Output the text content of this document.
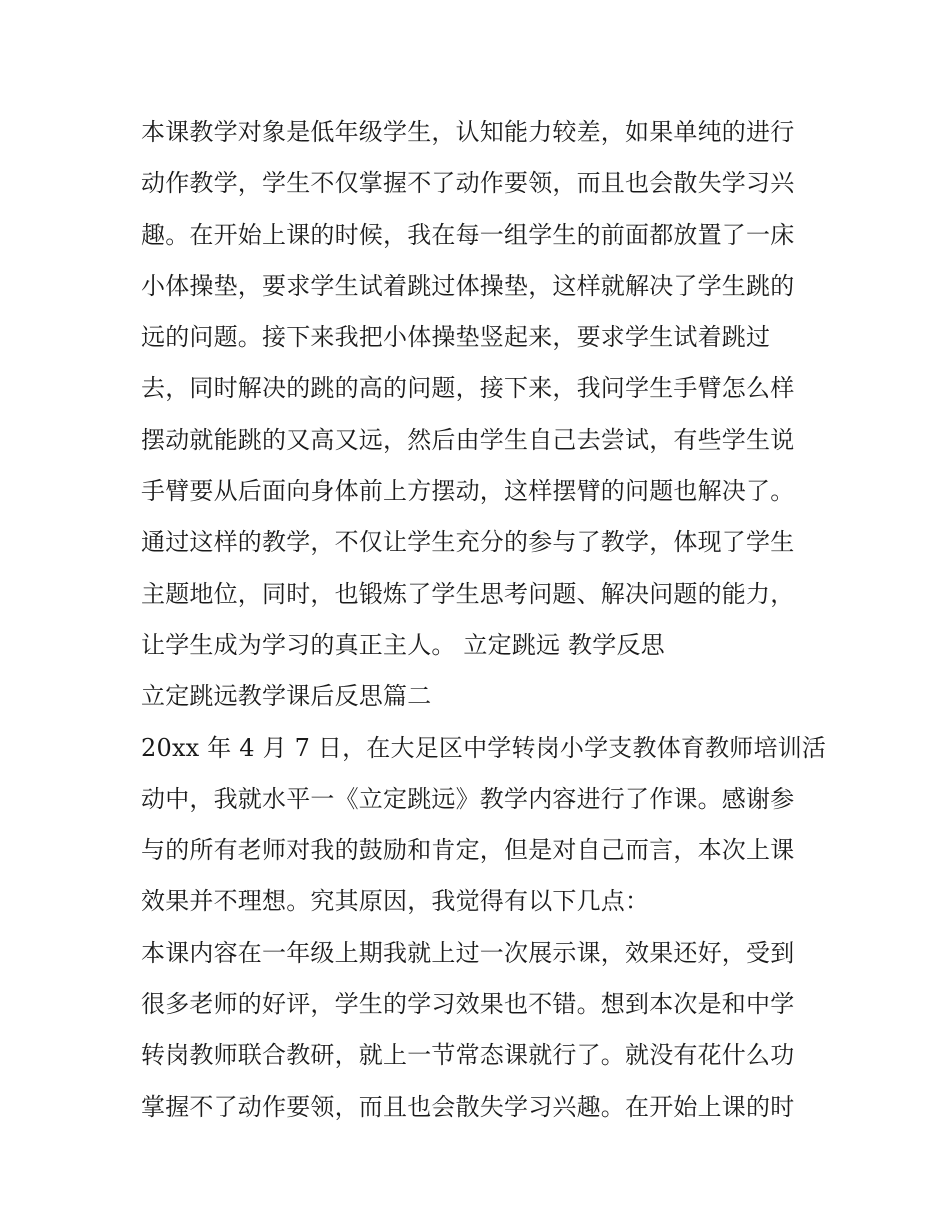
本课教学对象是低年级学生，认知能力较差，如果单纯的进行
动作教学，学生不仅掌握不了动作要领，而且也会散失学习兴
趣。在开始上课的时候，我在每一组学生的前面都放置了一床
小体操垫，要求学生试着跳过体操垫，这样就解决了学生跳的
远的问题。接下来我把小体操垫竖起来，要求学生试着跳过
去，同时解决的跳的高的问题，接下来，我问学生手臂怎么样
摆动就能跳的又高又远，然后由学生自己去尝试，有些学生说
手臂要从后面向身体前上方摆动，这样摆臂的问题也解决了。
通过这样的教学，不仅让学生充分的参与了教学，体现了学生
主题地位，同时，也锻炼了学生思考问题、解决问题的能力，
让学生成为学习的真正主人。 立定跳远 教学反思
立定跳远教学课后反思篇二
20xx 年 4 月 7 日，在大足区中学转岗小学支教体育教师培训活
动中，我就水平一《立定跳远》教学内容进行了作课。感谢参
与的所有老师对我的鼓励和肯定，但是对自己而言，本次上课
效果并不理想。究其原因，我觉得有以下几点：
本课内容在一年级上期我就上过一次展示课，效果还好，受到
很多老师的好评，学生的学习效果也不错。想到本次是和中学
转岗教师联合教研，就上一节常态课就行了。就没有花什么功
掌握不了动作要领，而且也会散失学习兴趣。在开始上课的时
